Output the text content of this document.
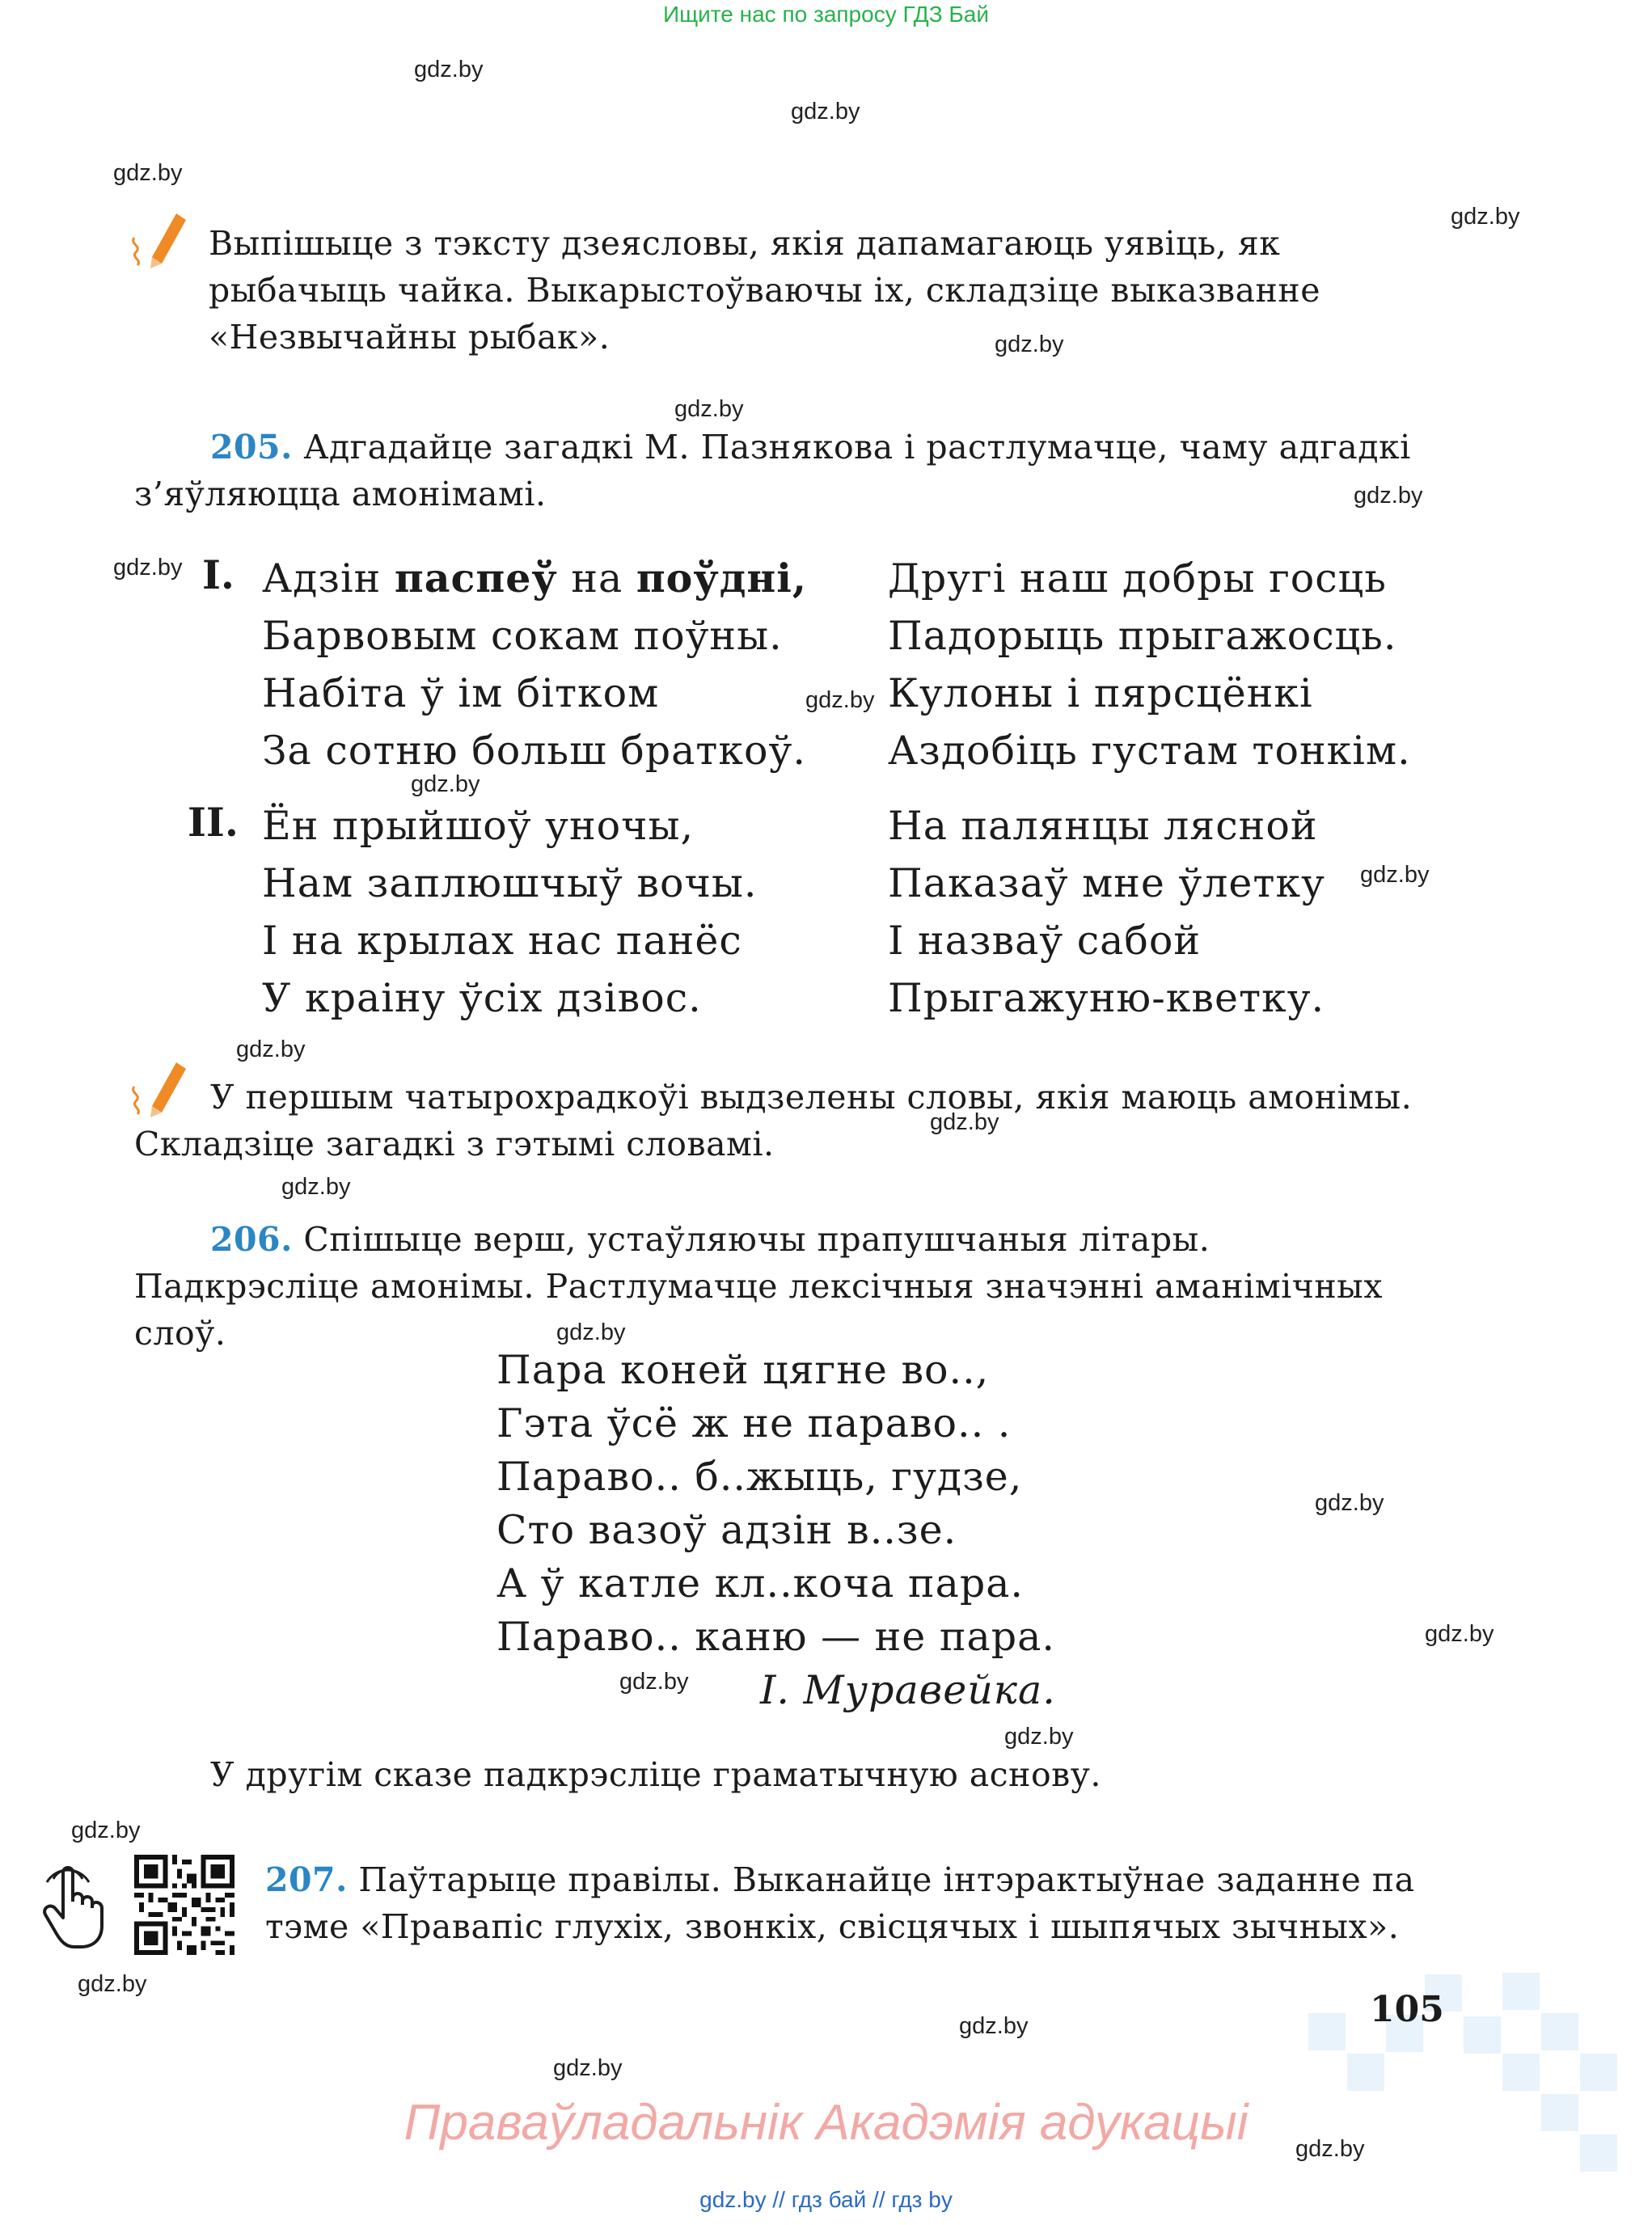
Ищите нас по запросу ГДЗ Бай
gdz.by
gdz.by
gdz.by
gdz.by
gdz.by
gdz.by
gdz.by
gdz.by
gdz.by
gdz.by
gdz.by
gdz.by
gdz.by
gdz.by
gdz.by
gdz.by
gdz.by
gdz.by
gdz.by
gdz.by
gdz.by
gdz.by
gdz.by
gdz.by
Выпішыце з тэксту дзеясловы, якія дапамагаюць уявіць, як рыбачыць чайка. Выкарыстоўваючы іх, складзіце выказванне «Незвычайны рыбак».
205. Адгадайце загадкі М. Пазнякова і растлумачце, чаму адгадкі з’яўляюцца амонімамі.
I. Адзін паспеў на поўдні,
Барвовым сокам поўны.
Набіта ў ім бітком
За сотню больш браткоў.
Другі наш добры госць
Падорыць прыгажосць.
Кулоны і пярсцёнкі
Аздобіць густам тонкім.
II. Ён прыйшоў уночы,
Нам заплюшчыў вочы.
І на крылах нас панёс
У краіну ўсіх дзівос.
На палянцы лясной
Паказаў мне ўлетку
І назваў сабой
Прыгажуню-кветку.
У першым чатырохрадкоўі выдзелены словы, якія маюць амонімы. Складзіце загадкі з гэтымі словамі.
206. Спішыце верш, устаўляючы прапушчаныя літары. Падкрэсліце амонімы. Растлумачце лексічныя значэнні аманімічных слоў.
Пара коней цягне во..,
Гэта ўсё ж не параво.. .
Параво.. б..жыць, гудзе,
Сто вазоў адзін в..зе.
А ў катле кл..коча пара.
Параво.. каню — не пара.
І. Муравейка.
У другім сказе падкрэсліце граматычную аснову.
207. Паўтарыце правілы. Выканайце інтэрактыўнае заданне па тэме «Правапіс глухіх, звонкіх, свісцячых і шыпячых зычных».
105
Праваўладальнік Акадэмія адукацыі
gdz.by // гдз бай // гдз by
